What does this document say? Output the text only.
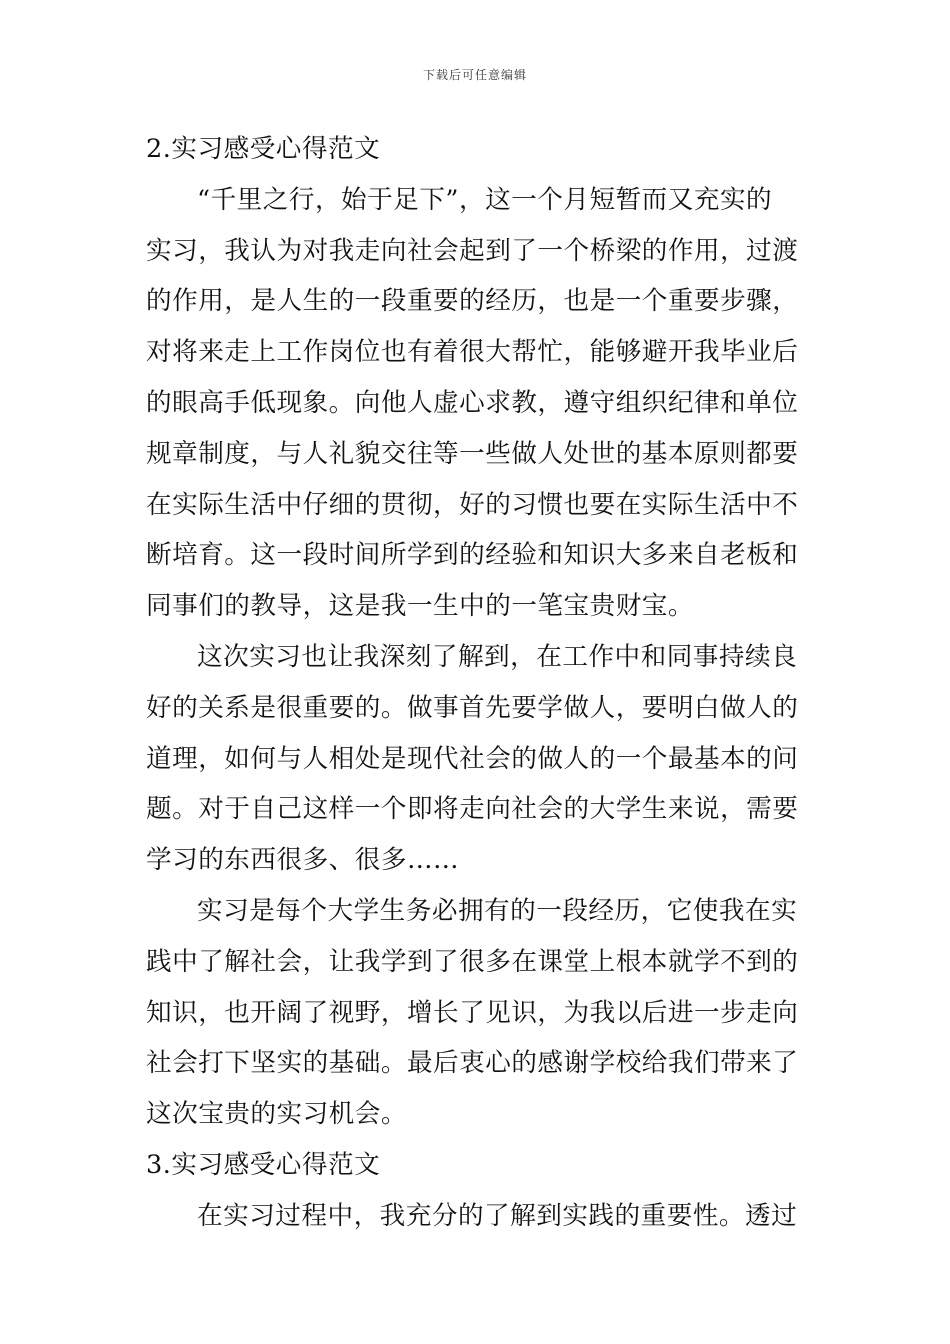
下载后可任意编辑
2.实习感受心得范文
“千里之行，始于足下”，这一个月短暂而又充实的
实习，我认为对我走向社会起到了一个桥梁的作用，过渡
的作用，是人生的一段重要的经历，也是一个重要步骤，
对将来走上工作岗位也有着很大帮忙，能够避开我毕业后
的眼高手低现象。向他人虚心求教，遵守组织纪律和单位
规章制度，与人礼貌交往等一些做人处世的基本原则都要
在实际生活中仔细的贯彻，好的习惯也要在实际生活中不
断培育。这一段时间所学到的经验和知识大多来自老板和
同事们的教导，这是我一生中的一笔宝贵财宝。
这次实习也让我深刻了解到，在工作中和同事持续良
好的关系是很重要的。做事首先要学做人，要明白做人的
道理，如何与人相处是现代社会的做人的一个最基本的问
题。对于自己这样一个即将走向社会的大学生来说，需要
学习的东西很多、很多……
实习是每个大学生务必拥有的一段经历，它使我在实
践中了解社会，让我学到了很多在课堂上根本就学不到的
知识，也开阔了视野，增长了见识，为我以后进一步走向
社会打下坚实的基础。最后衷心的感谢学校给我们带来了
这次宝贵的实习机会。
3.实习感受心得范文
在实习过程中，我充分的了解到实践的重要性。透过
